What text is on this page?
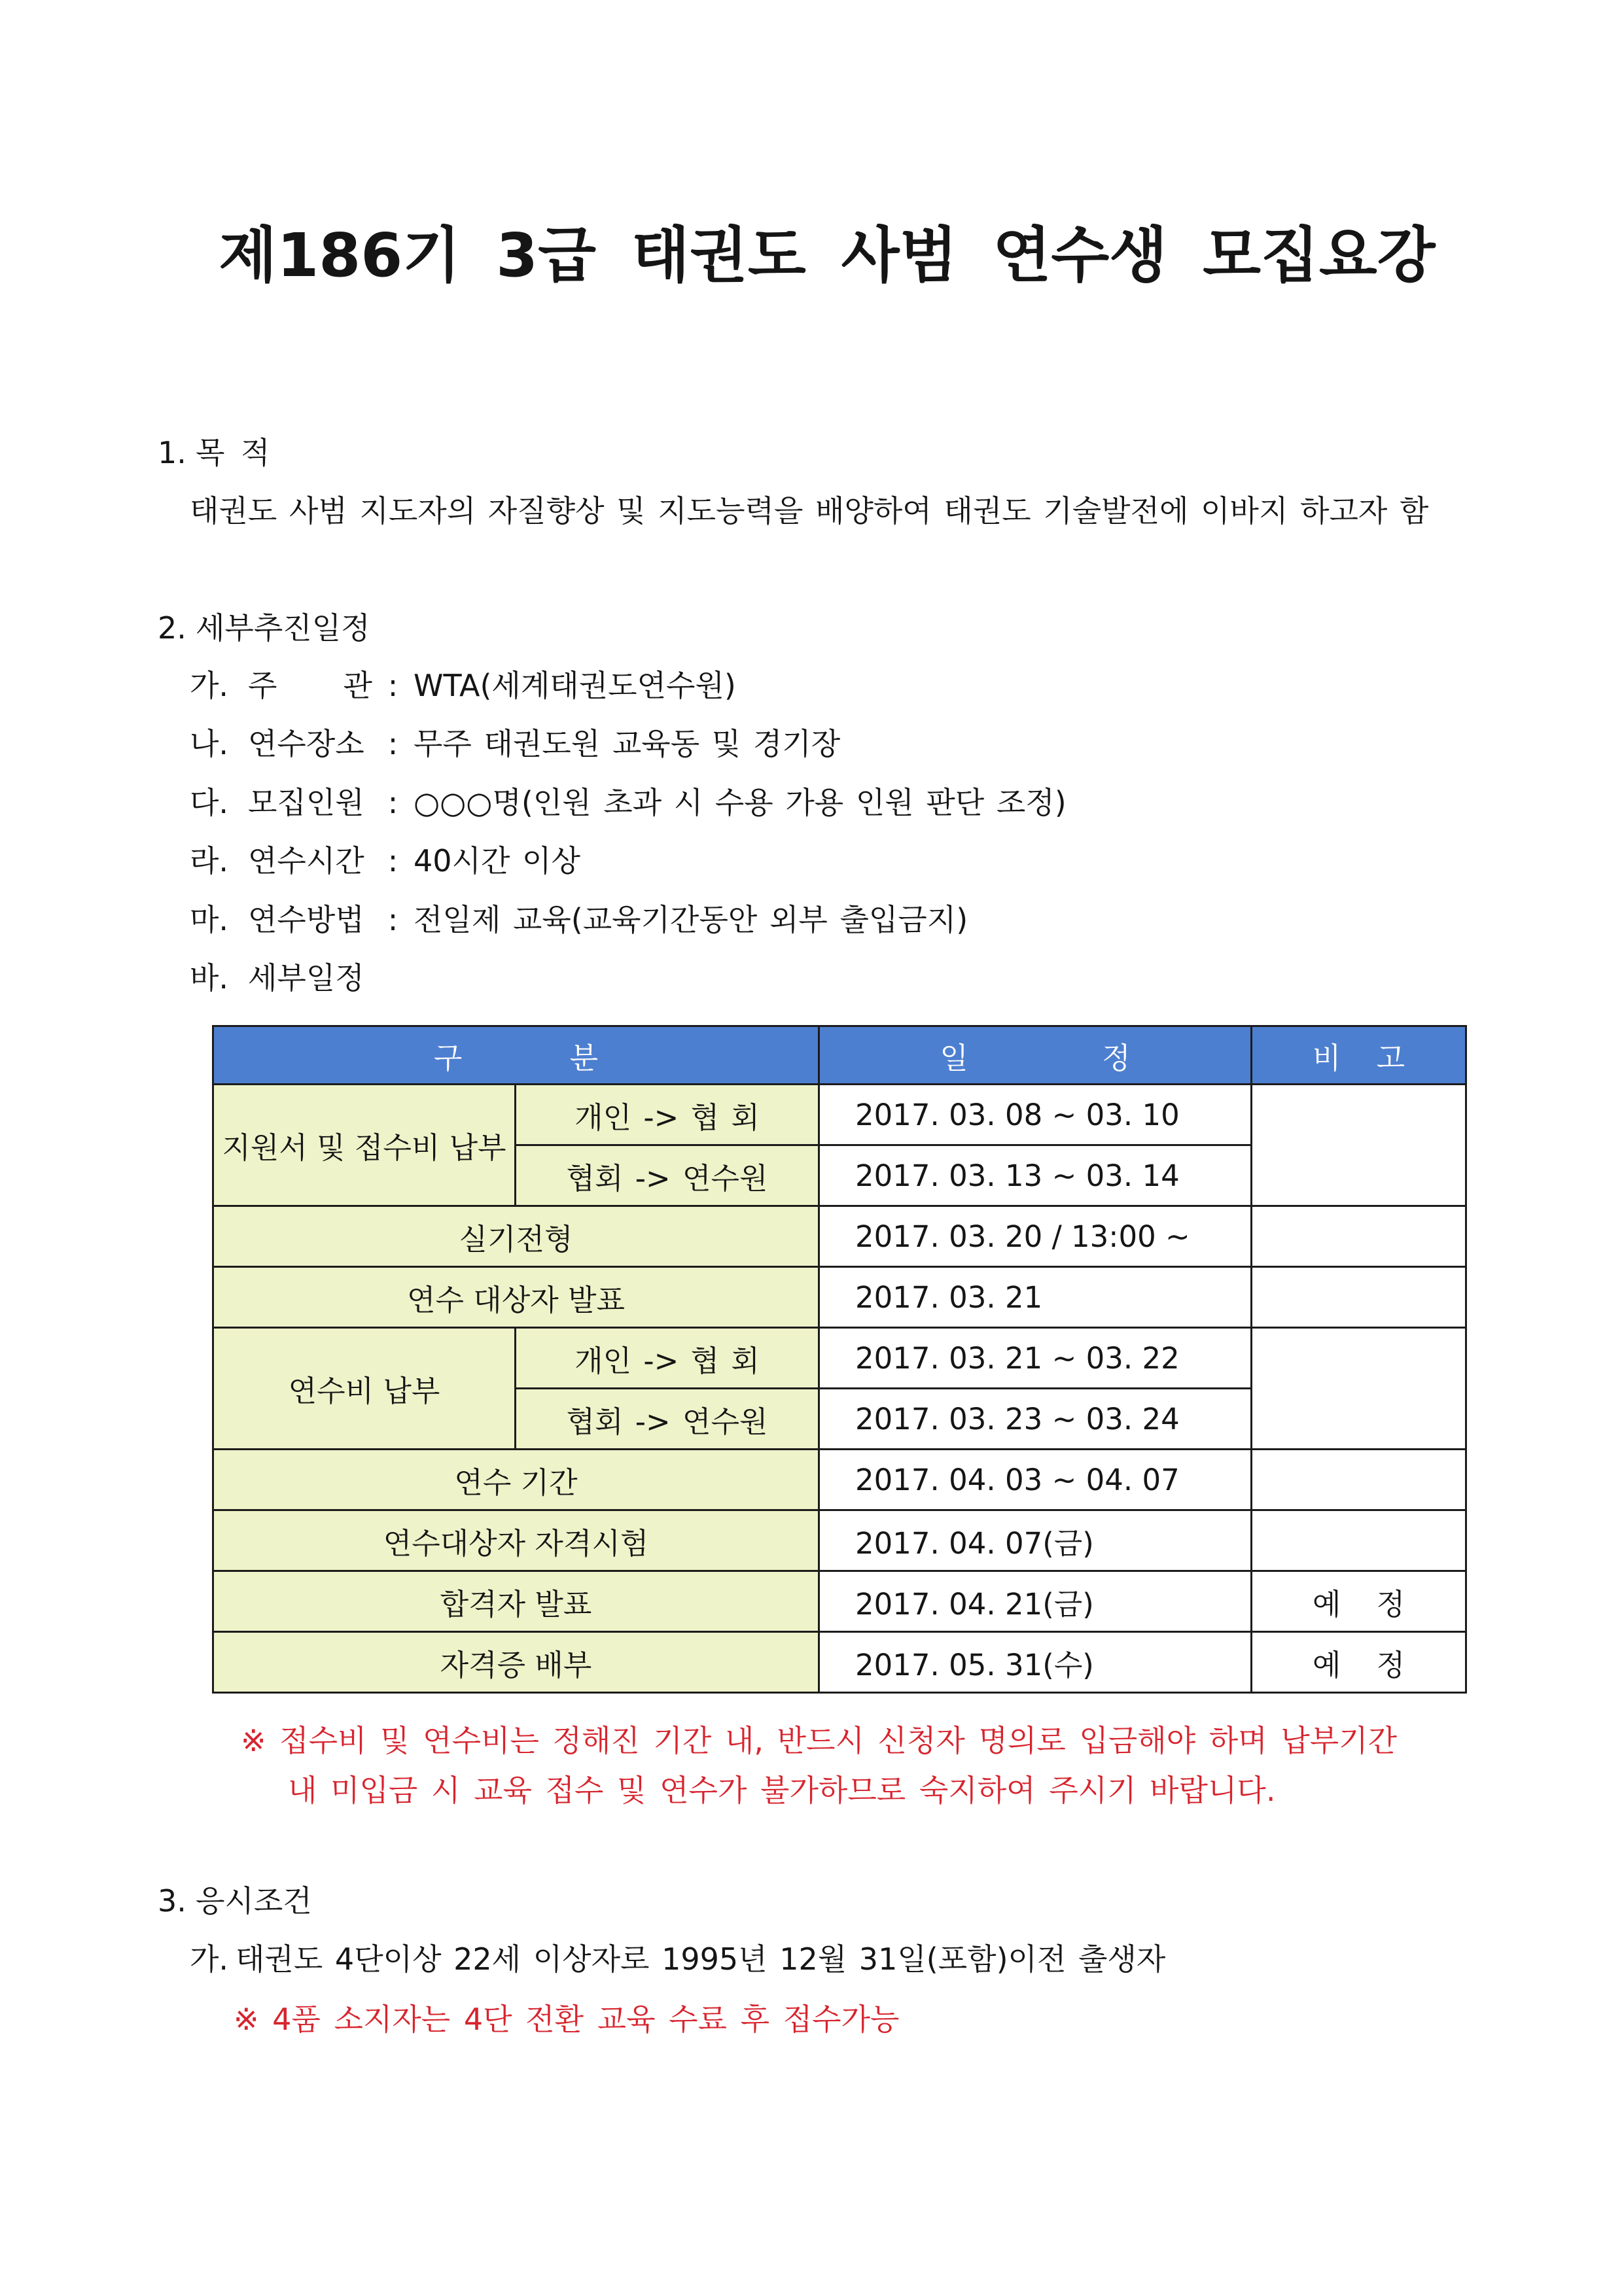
제186기 3급 태권도 사범 연수생 모집요강
1. 목 적
태권도 사범 지도자의 자질향상 및 지도능력을 배양하여 태권도 기술발전에 이바지 하고자 함
2. 세부추진일정
가. 주 관 : WTA(세계태권도연수원)
나. 연수장소 : 무주 태권도원 교육동 및 경기장
다. 모집인원 : ○○○명(인원 초과 시 수용 가용 인원 판단 조정)
라. 연수시간 : 40시간 이상
마. 연수방법 : 전일제 교육(교육기간동안 외부 출입금지)
바. 세부일정
구 분		일 정	비 고
지원서 및 접수비 납부	개인 -> 협 회	2017. 03. 08 ~ 03. 10	
	협회 -> 연수원	2017. 03. 13 ~ 03. 14	
실기전형		2017. 03. 20 / 13:00 ~	
연수 대상자 발표		2017. 03. 21	
연수비 납부	개인 -> 협 회	2017. 03. 21 ~ 03. 22	
	협회 -> 연수원	2017. 03. 23 ~ 03. 24	
연수 기간		2017. 04. 03 ~ 04. 07	
연수대상자 자격시험		2017. 04. 07(금)	
합격자 발표		2017. 04. 21(금)	예 정
자격증 배부		2017. 05. 31(수)	예 정
※ 접수비 및 연수비는 정해진 기간 내, 반드시 신청자 명의로 입금해야 하며 납부기간
내 미입금 시 교육 접수 및 연수가 불가하므로 숙지하여 주시기 바랍니다.
3. 응시조건
가. 태권도 4단이상 22세 이상자로 1995년 12월 31일(포함)이전 출생자
※ 4품 소지자는 4단 전환 교육 수료 후 접수가능
